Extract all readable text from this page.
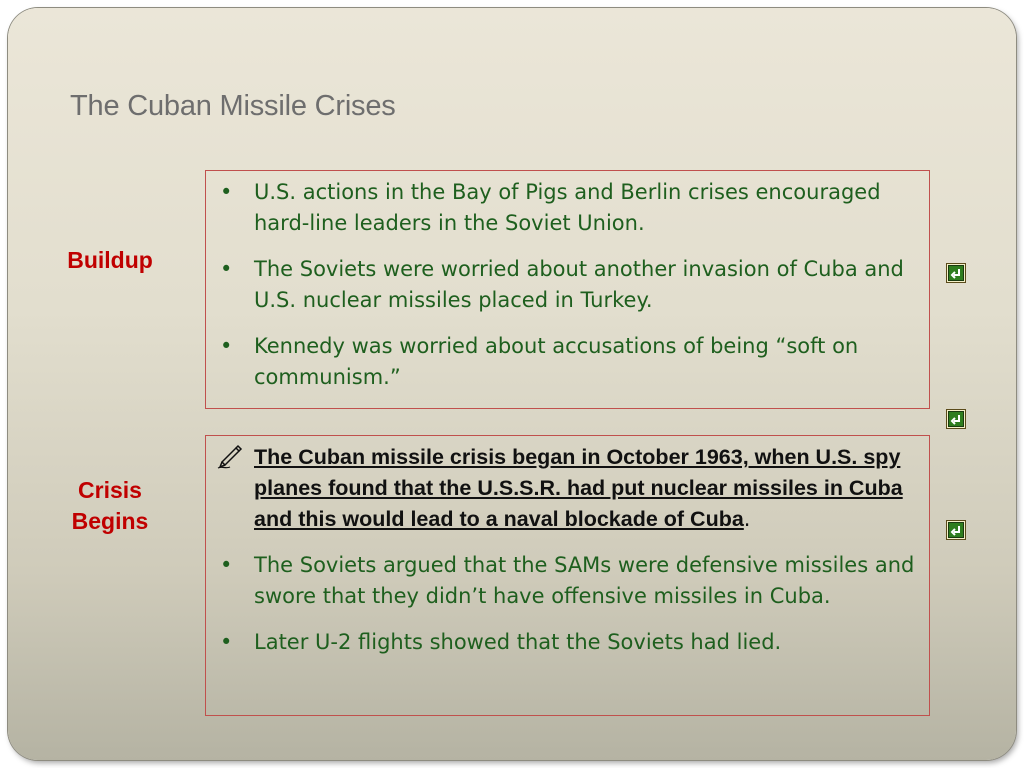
The Cuban Missile Crises
Buildup
• U.S. actions in the Bay of Pigs and Berlin crises encouraged hard-line leaders in the Soviet Union.
• The Soviets were worried about another invasion of Cuba and U.S. nuclear missiles placed in Turkey.
• Kennedy was worried about accusations of being “soft on communism.”
Crisis
Begins
The Cuban missile crisis began in October 1963, when U.S. spy planes found that the U.S.S.R. had put nuclear missiles in Cuba and this would lead to a naval blockade of Cuba.
• The Soviets argued that the SAMs were defensive missiles and swore that they didn’t have offensive missiles in Cuba.
• Later U-2 flights showed that the Soviets had lied.
